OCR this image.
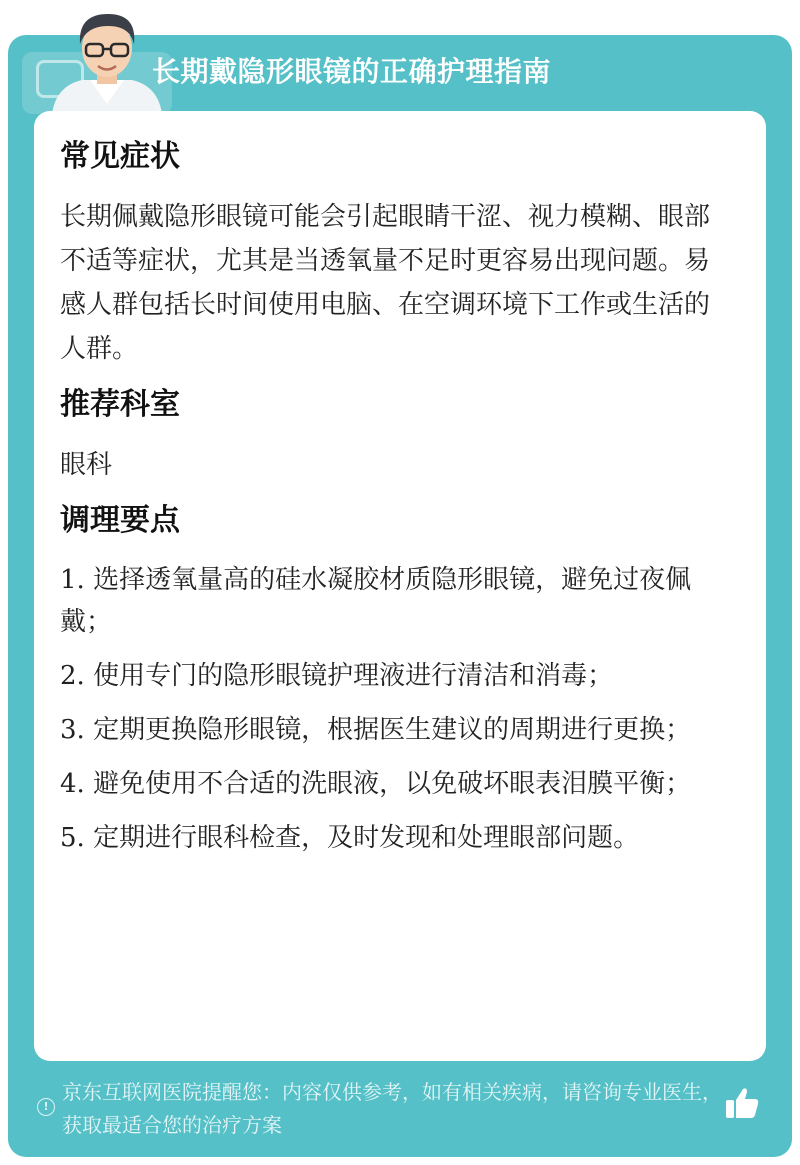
长期戴隐形眼镜的正确护理指南
常见症状

长期佩戴隐形眼镜可能会引起眼睛干涩、视力模糊、眼部不适等症状，尤其是当透氧量不足时更容易出现问题。易感人群包括长时间使用电脑、在空调环境下工作或生活的人群。

推荐科室

眼科

调理要点

1. 选择透氧量高的硅水凝胶材质隐形眼镜，避免过夜佩戴；

2. 使用专门的隐形眼镜护理液进行清洁和消毒；

3. 定期更换隐形眼镜，根据医生建议的周期进行更换；

4. 避免使用不合适的洗眼液，以免破坏眼表泪膜平衡；

5. 定期进行眼科检查，及时发现和处理眼部问题。

!
京东互联网医院提醒您：内容仅供参考，如有相关疾病，请咨询专业医生，获取最适合您的治疗方案
